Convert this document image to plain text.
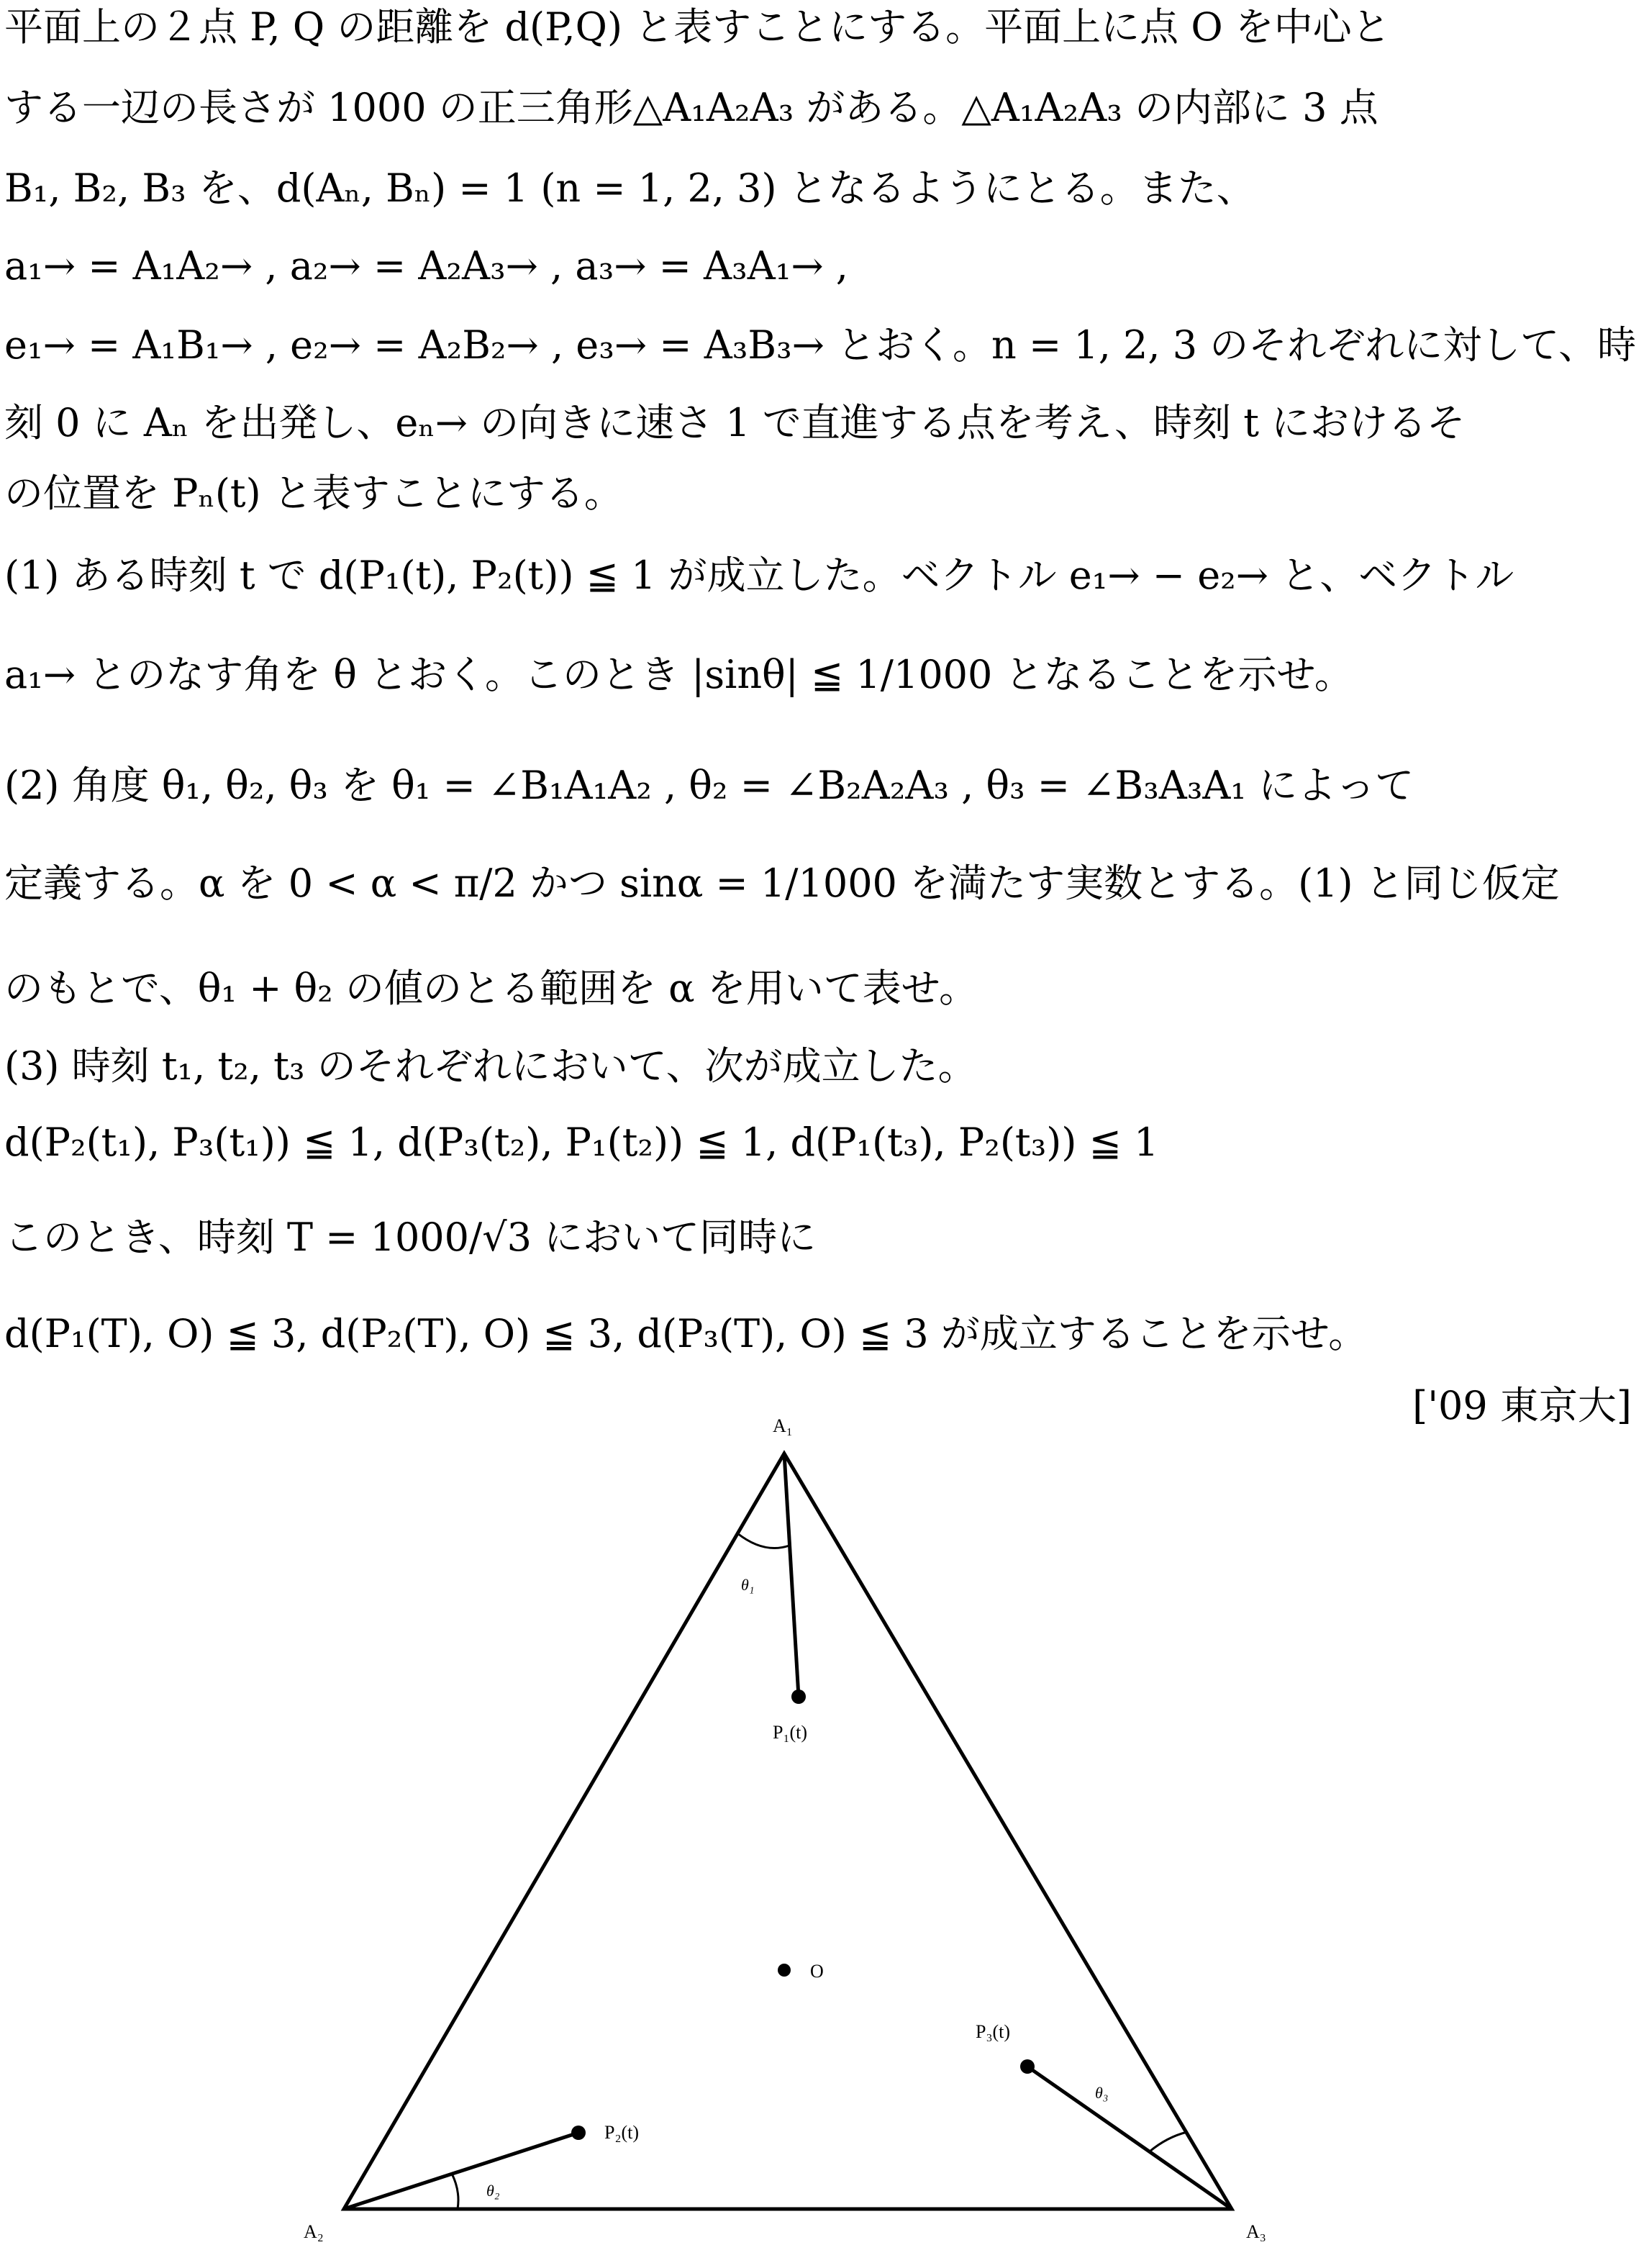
平面上の２点 P, Q の距離を d(P,Q) と表すことにする。平面上に点 O を中心と
する一辺の長さが 1000 の正三角形△A₁A₂A₃ がある。△A₁A₂A₃ の内部に 3 点
B₁, B₂, B₃ を、d(Aₙ, Bₙ) = 1 (n = 1, 2, 3) となるようにとる。また、
a₁→ = A₁A₂→ , a₂→ = A₂A₃→ , a₃→ = A₃A₁→ ,
e₁→ = A₁B₁→ , e₂→ = A₂B₂→ , e₃→ = A₃B₃→ とおく。n = 1, 2, 3 のそれぞれに対して、時
刻 0 に Aₙ を出発し、eₙ→ の向きに速さ 1 で直進する点を考え、時刻 t におけるそ
の位置を Pₙ(t) と表すことにする。
(1) ある時刻 t で d(P₁(t), P₂(t)) ≦ 1 が成立した。ベクトル e₁→ − e₂→ と、ベクトル
a₁→ とのなす角を θ とおく。このとき |sinθ| ≦ 1/1000 となることを示せ。
(2) 角度 θ₁, θ₂, θ₃ を θ₁ = ∠B₁A₁A₂ , θ₂ = ∠B₂A₂A₃ , θ₃ = ∠B₃A₃A₁ によって
定義する。α を 0 < α < π/2 かつ sinα = 1/1000 を満たす実数とする。(1) と同じ仮定
のもとで、θ₁ + θ₂ の値のとる範囲を α を用いて表せ。
(3) 時刻 t₁, t₂, t₃ のそれぞれにおいて、次が成立した。
d(P₂(t₁), P₃(t₁)) ≦ 1, d(P₃(t₂), P₁(t₂)) ≦ 1, d(P₁(t₃), P₂(t₃)) ≦ 1
このとき、時刻 T = 1000/√3 において同時に
d(P₁(T), O) ≦ 3, d(P₂(T), O) ≦ 3, d(P₃(T), O) ≦ 3 が成立することを示せ。
['09 東京大]
A₁
A₂	A₃
P₁(t)
P₂(t)
P₃(t)
O
θ₁
θ₂
θ₃
